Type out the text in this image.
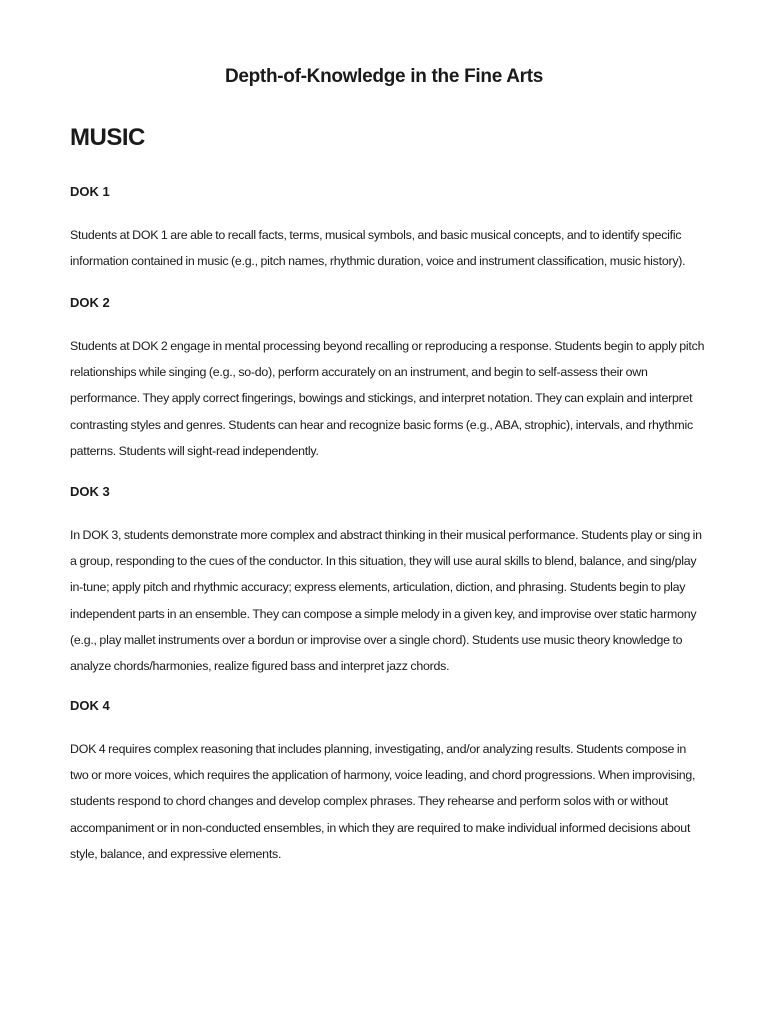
Depth-of-Knowledge in the Fine Arts
MUSIC
DOK 1

Students at DOK 1 are able to recall facts, terms, musical symbols, and basic musical concepts, and to identify specific information contained in music (e.g., pitch names, rhythmic duration, voice and instrument classification, music history).

DOK 2

Students at DOK 2 engage in mental processing beyond recalling or reproducing a response. Students begin to apply pitch relationships while singing (e.g., so-do), perform accurately on an instrument, and begin to self-assess their own performance. They apply correct fingerings, bowings and stickings, and interpret notation. They can explain and interpret contrasting styles and genres. Students can hear and recognize basic forms (e.g., ABA, strophic), intervals, and rhythmic patterns. Students will sight-read independently.

DOK 3

In DOK 3, students demonstrate more complex and abstract thinking in their musical performance. Students play or sing in a group, responding to the cues of the conductor. In this situation, they will use aural skills to blend, balance, and sing/play in-tune; apply pitch and rhythmic accuracy; express elements, articulation, diction, and phrasing. Students begin to play independent parts in an ensemble. They can compose a simple melody in a given key, and improvise over static harmony (e.g., play mallet instruments over a bordun or improvise over a single chord). Students use music theory knowledge to analyze chords/harmonies, realize figured bass and interpret jazz chords.

DOK 4

DOK 4 requires complex reasoning that includes planning, investigating, and/or analyzing results. Students compose in two or more voices, which requires the application of harmony, voice leading, and chord progressions. When improvising, students respond to chord changes and develop complex phrases. They rehearse and perform solos with or without accompaniment or in non-conducted ensembles, in which they are required to make individual informed decisions about style, balance, and expressive elements.
